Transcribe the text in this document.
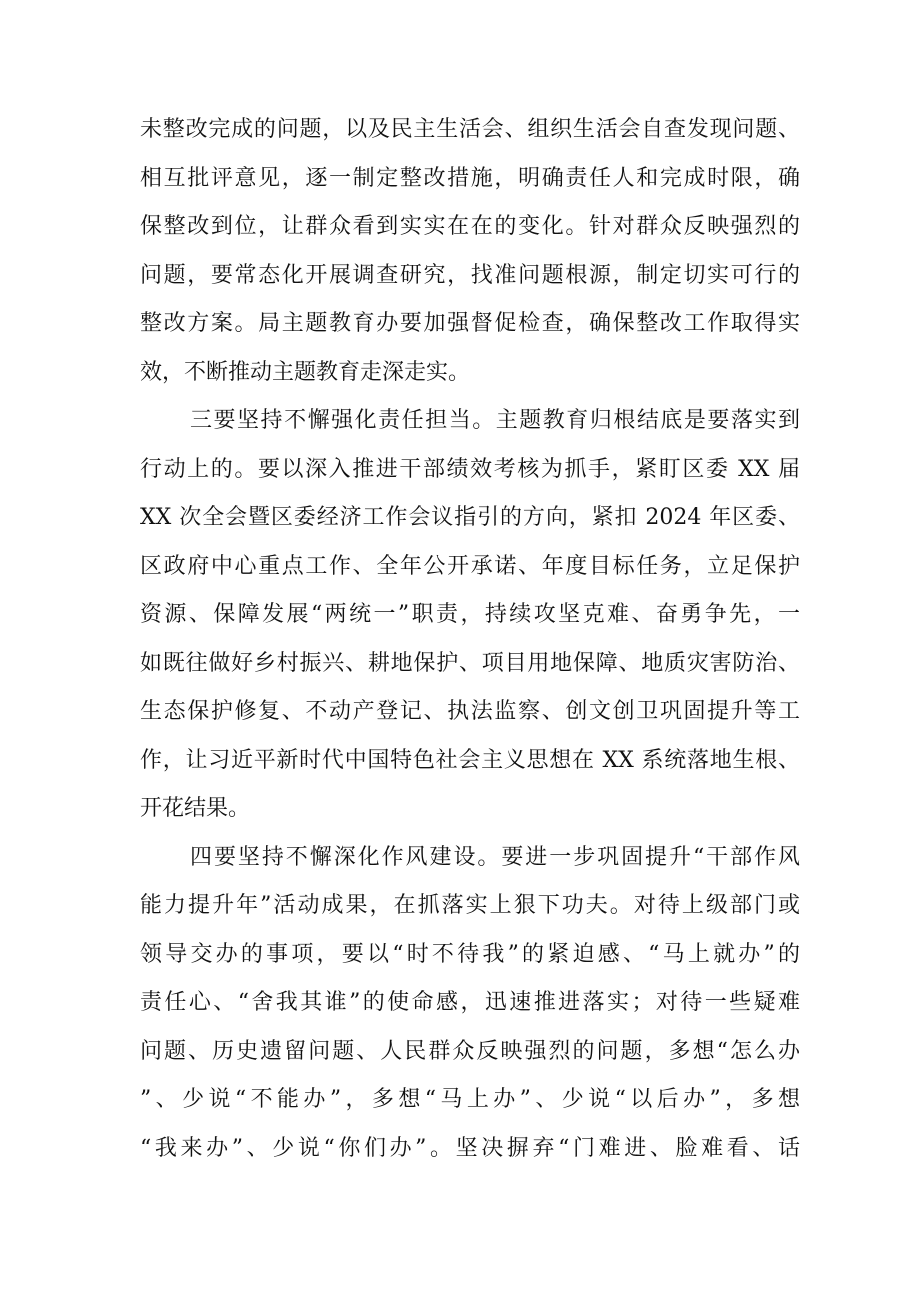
未整改完成的问题，以及民主生活会、组织生活会自查发现问题、
相互批评意见，逐一制定整改措施，明确责任人和完成时限，确
保整改到位，让群众看到实实在在的变化。针对群众反映强烈的
问题，要常态化开展调查研究，找准问题根源，制定切实可行的
整改方案。局主题教育办要加强督促检查，确保整改工作取得实
效，不断推动主题教育走深走实。
三要坚持不懈强化责任担当。主题教育归根结底是要落实到
行动上的。要以深入推进干部绩效考核为抓手，紧盯区委 XX 届
XX 次全会暨区委经济工作会议指引的方向，紧扣 2024 年区委、
区政府中心重点工作、全年公开承诺、年度目标任务，立足保护
资源、保障发展“两统一”职责，持续攻坚克难、奋勇争先，一
如既往做好乡村振兴、耕地保护、项目用地保障、地质灾害防治、
生态保护修复、不动产登记、执法监察、创文创卫巩固提升等工
作，让习近平新时代中国特色社会主义思想在 XX 系统落地生根、
开花结果。
四要坚持不懈深化作风建设。要进一步巩固提升“干部作风
能力提升年”活动成果，在抓落实上狠下功夫。对待上级部门或
领导交办的事项，要以“时不待我”的紧迫感、“马上就办”的
责任心、“舍我其谁”的使命感，迅速推进落实；对待一些疑难
问题、历史遗留问题、人民群众反映强烈的问题，多想“怎么办
”、少说“不能办”，多想“马上办”、少说“以后办”，多想
“我来办”、少说“你们办”。坚决摒弃“门难进、脸难看、话
